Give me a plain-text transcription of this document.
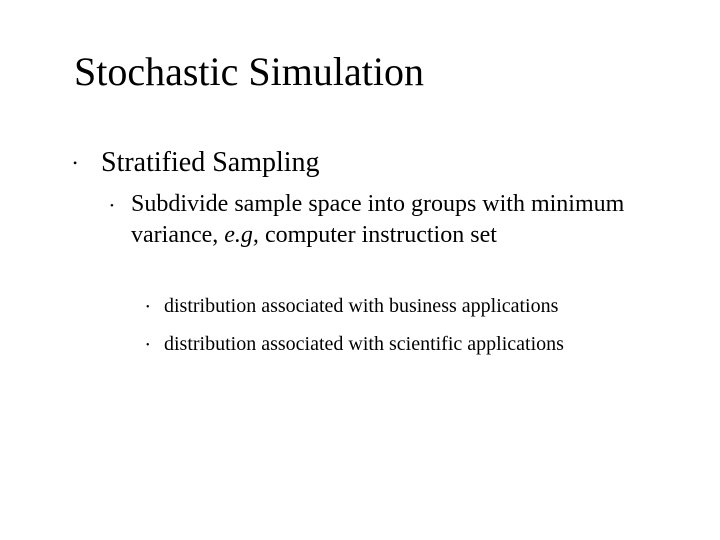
Stochastic Simulation
• Stratified Sampling
• Subdivide sample space into groups with minimum variance, e.g, computer instruction set
• distribution associated with business applications
• distribution associated with scientific applications
